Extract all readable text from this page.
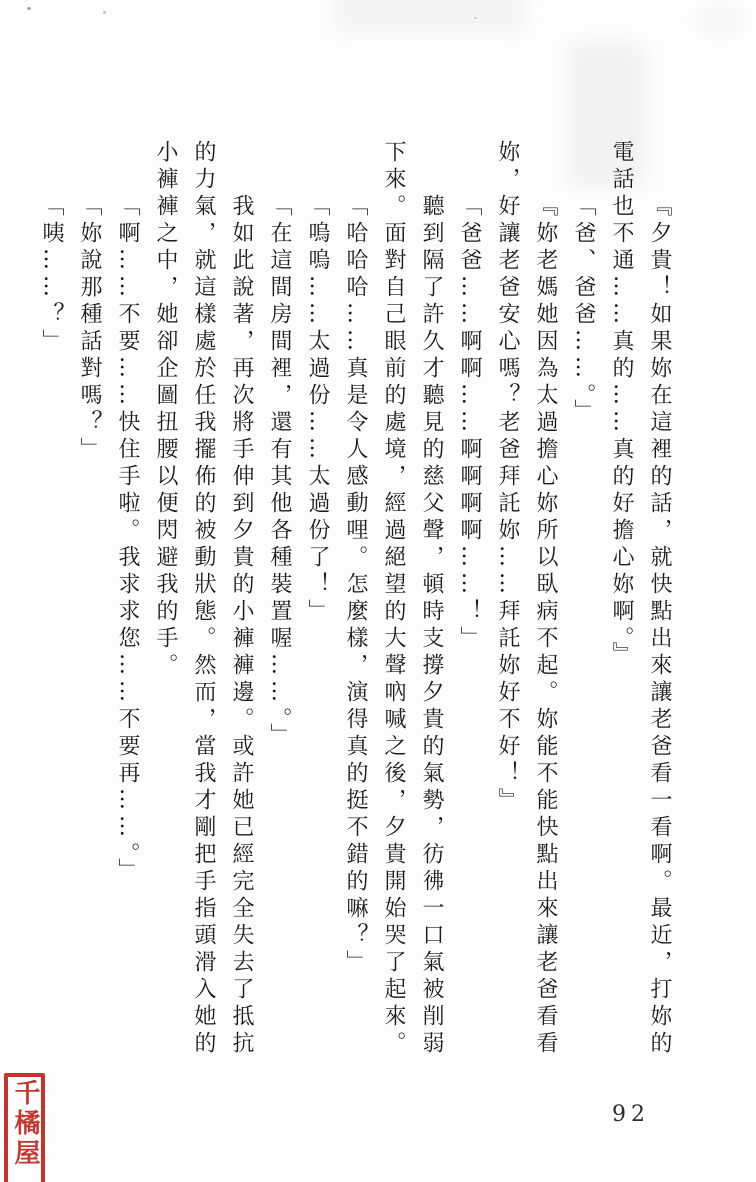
『夕貴！如果妳在這裡的話，就快點出來讓老爸看一看啊。最近，打妳的
電話也不通……真的……真的好擔心妳啊。』
「爸、爸爸……。」
『妳老媽她因為太過擔心妳所以臥病不起。妳能不能快點出來讓老爸看看
妳，好讓老爸安心嗎？老爸拜託妳……拜託妳好不好！』
「爸爸……啊啊……啊啊啊啊……！」
聽到隔了許久才聽見的慈父聲，頓時支撐夕貴的氣勢，彷彿一口氣被削弱
下來。面對自己眼前的處境，經過絕望的大聲吶喊之後，夕貴開始哭了起來。
「哈哈哈……真是令人感動哩。怎麼樣，演得真的挺不錯的嘛？」
「嗚嗚……太過份……太過份了！」
「在這間房間裡，還有其他各種裝置喔……。」
我如此說著，再次將手伸到夕貴的小褲褲邊。或許她已經完全失去了抵抗
的力氣，就這樣處於任我擺佈的被動狀態。然而，當我才剛把手指頭滑入她的
小褲褲之中，她卻企圖扭腰以便閃避我的手。
「啊……不要……快住手啦。我求求您……不要再……。」
「妳說那種話對嗎？」
「咦……？」
92
千橘屋
